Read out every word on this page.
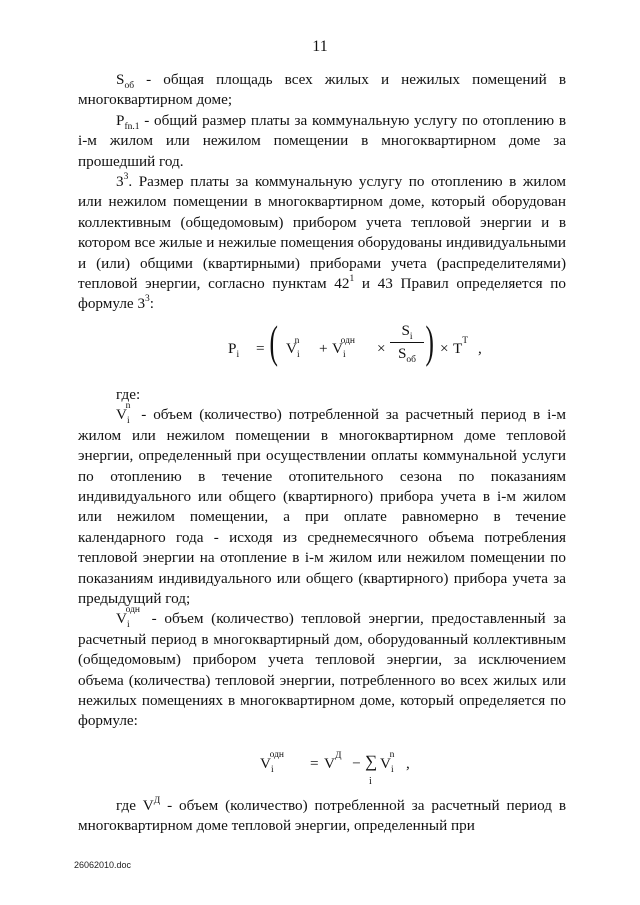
11

$S_{об}$ - общая площадь всех жилых и нежилых помещений в многоквартирном доме;

$P_{fn.1}$ - общий размер платы за коммунальную услугу по отоплению в i-м жилом или нежилом помещении в многоквартирном доме за прошедший год.

$3^3$. Размер платы за коммунальную услугу по отоплению в жилом или нежилом помещении в многоквартирном доме, который оборудован коллективным (общедомовым) прибором учета тепловой энергии и в котором все жилые и нежилые помещения оборудованы индивидуальными и (или) общими (квартирными) приборами учета (распределителями) тепловой энергии, согласно пунктам $42^1$ и 43 Правил определяется по формуле $3^3$:

$P_i$ = ( $V_i^n$	+ $V_i^{одн}$	×
$S_i$
$S_{об}$ ) × $T^T$ ,

где:

$V_i^n$ - объем (количество) потребленной за расчетный период в i-м жилом или нежилом помещении в многоквартирном доме тепловой энергии, определенный при осуществлении оплаты коммунальной услуги по отоплению в течение отопительного сезона по показаниям индивидуального или общего (квартирного) прибора учета в i-м жилом или нежилом помещении, а при оплате равномерно в течение календарного года - исходя из среднемесячного объема потребления тепловой энергии на отопление в i-м жилом или нежилом помещении по показаниям индивидуального или общего (квартирного) прибора учета за предыдущий год;

$V_i^{одн}$ - объем (количество) тепловой энергии, предоставленный за расчетный период в многоквартирный дом, оборудованный коллективным (общедомовым) прибором учета тепловой энергии, за исключением объема (количества) тепловой энергии, потребленного во всех жилых или нежилых помещениях в многоквартирном доме, который определяется по формуле:

$V_i^{одн}$
= $V^Д$ − ∑
i
$V_i^n$
,

где $V^Д$ - объем (количество) потребленной за расчетный период в многоквартирном доме тепловой энергии, определенный при

26062010.doc
